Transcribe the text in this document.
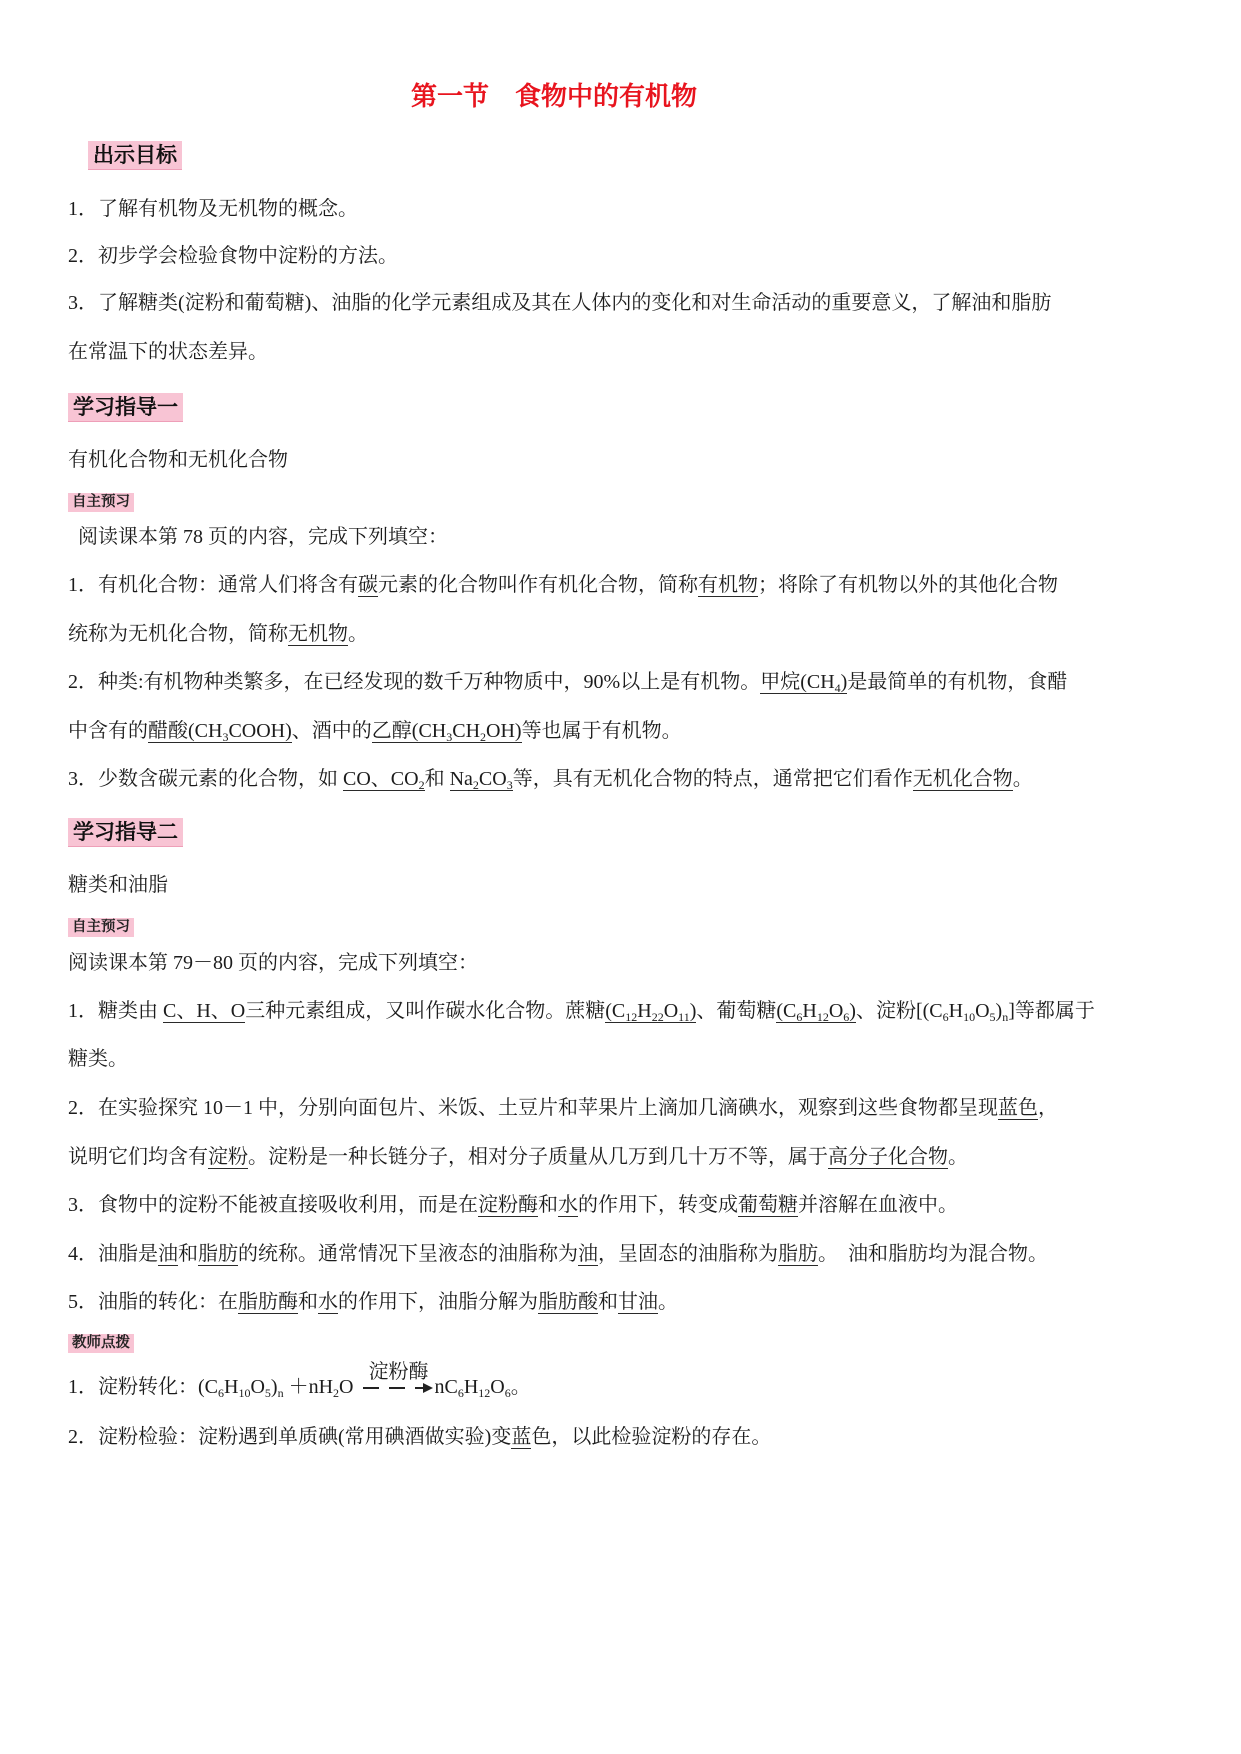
第一节　食物中的有机物
出示目标
1．了解有机物及无机物的概念。
2．初步学会检验食物中淀粉的方法。
3．了解糖类(淀粉和葡萄糖)、油脂的化学元素组成及其在人体内的变化和对生命活动的重要意义，了解油和脂肪
在常温下的状态差异。
学习指导一
有机化合物和无机化合物
自主预习
阅读课本第 78 页的内容，完成下列填空：
1．有机化合物：通常人们将含有碳元素的化合物叫作有机化合物，简称有机物；将除了有机物以外的其他化合物
统称为无机化合物，简称无机物。
2．种类:有机物种类繁多，在已经发现的数千万种物质中，90%以上是有机物。甲烷$(CH_4)$是最简单的有机物，食醋
中含有的醋酸$(CH_3COOH)$、酒中的乙醇$(CH_3CH_2OH)$等也属于有机物。
3．少数含碳元素的化合物，如 CO、$CO_2$和 $Na_2CO_3$等，具有无机化合物的特点，通常把它们看作无机化合物。
学习指导二
糖类和油脂
自主预习
阅读课本第 79－80 页的内容，完成下列填空：
1．糖类由 C、H、O三种元素组成，又叫作碳水化合物。蔗糖$(C_{12}H_{22}O_{11})$、葡萄糖$(C_6H_{12}O_6)$、淀粉$[(C_6H_{10}O_5)_n]$等都属于
糖类。
2．在实验探究 10－1 中，分别向面包片、米饭、土豆片和苹果片上滴加几滴碘水，观察到这些食物都呈现蓝色，
说明它们均含有淀粉。淀粉是一种长链分子，相对分子质量从几万到几十万不等，属于高分子化合物。
3．食物中的淀粉不能被直接吸收利用，而是在淀粉酶和水的作用下，转变成葡萄糖并溶解在血液中。
4．油脂是油和脂肪的统称。通常情况下呈液态的油脂称为油，呈固态的油脂称为脂肪。  油和脂肪均为混合物。
5．油脂的转化：在脂肪酶和水的作用下，油脂分解为脂肪酸和甘油。
教师点拨
1．淀粉转化：$(C_6H_{10}O_5)_n +nH_2O$
淀粉酶
$nC_6H_{12}O_6$。
2．淀粉检验：淀粉遇到单质碘(常用碘酒做实验)变蓝色，以此检验淀粉的存在。
